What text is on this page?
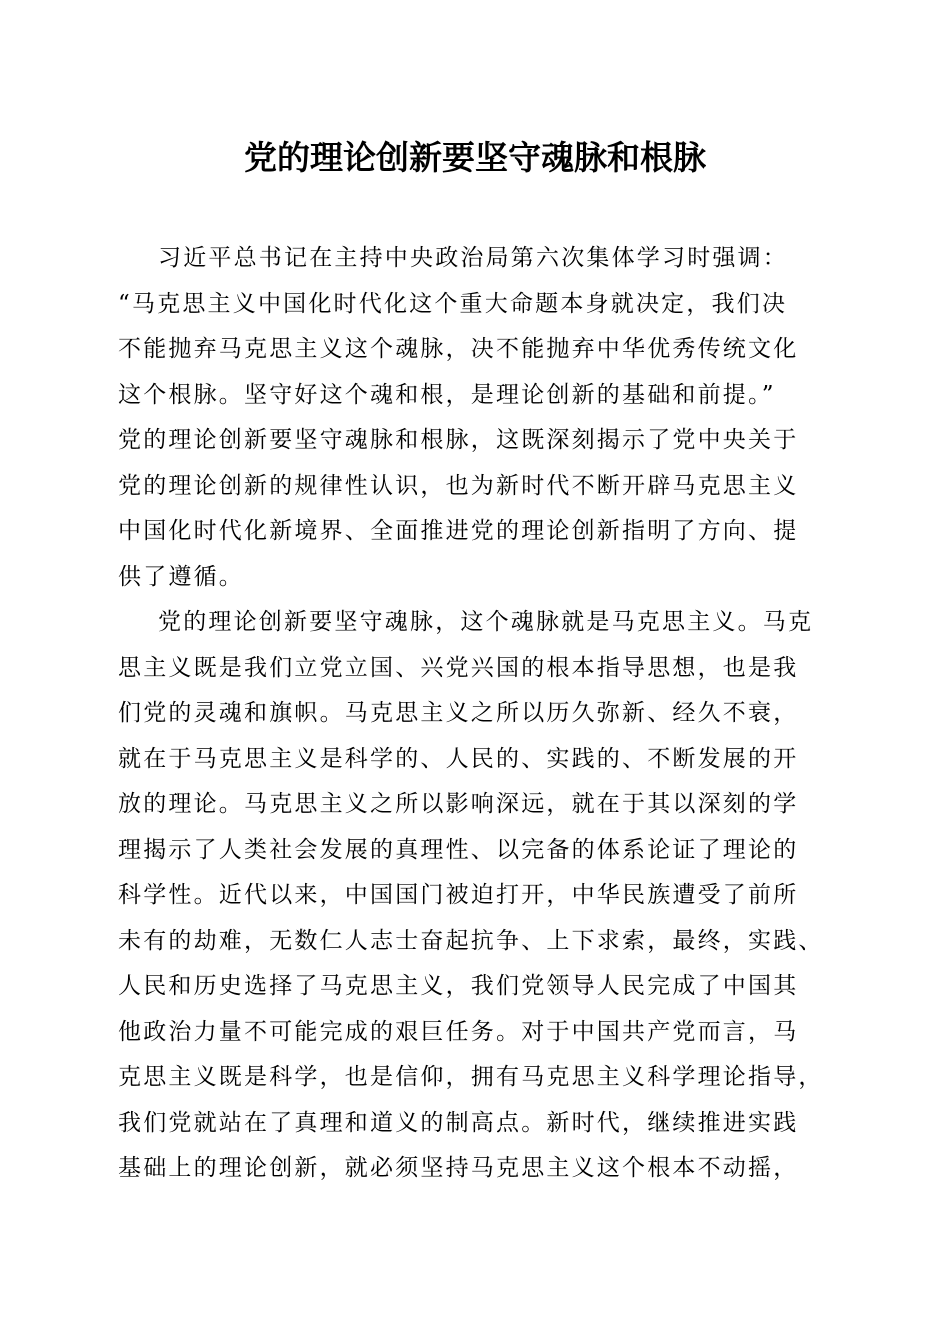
党的理论创新要坚守魂脉和根脉
习近平总书记在主持中央政治局第六次集体学习时强调：
“马克思主义中国化时代化这个重大命题本身就决定，我们决
不能抛弃马克思主义这个魂脉，决不能抛弃中华优秀传统文化
这个根脉。坚守好这个魂和根，是理论创新的基础和前提。”
党的理论创新要坚守魂脉和根脉，这既深刻揭示了党中央关于
党的理论创新的规律性认识，也为新时代不断开辟马克思主义
中国化时代化新境界、全面推进党的理论创新指明了方向、提
供了遵循。
党的理论创新要坚守魂脉，这个魂脉就是马克思主义。马克
思主义既是我们立党立国、兴党兴国的根本指导思想，也是我
们党的灵魂和旗帜。马克思主义之所以历久弥新、经久不衰，
就在于马克思主义是科学的、人民的、实践的、不断发展的开
放的理论。马克思主义之所以影响深远，就在于其以深刻的学
理揭示了人类社会发展的真理性、以完备的体系论证了理论的
科学性。近代以来，中国国门被迫打开，中华民族遭受了前所
未有的劫难，无数仁人志士奋起抗争、上下求索，最终，实践、
人民和历史选择了马克思主义，我们党领导人民完成了中国其
他政治力量不可能完成的艰巨任务。对于中国共产党而言，马
克思主义既是科学，也是信仰，拥有马克思主义科学理论指导，
我们党就站在了真理和道义的制高点。新时代，继续推进实践
基础上的理论创新，就必须坚持马克思主义这个根本不动摇，
